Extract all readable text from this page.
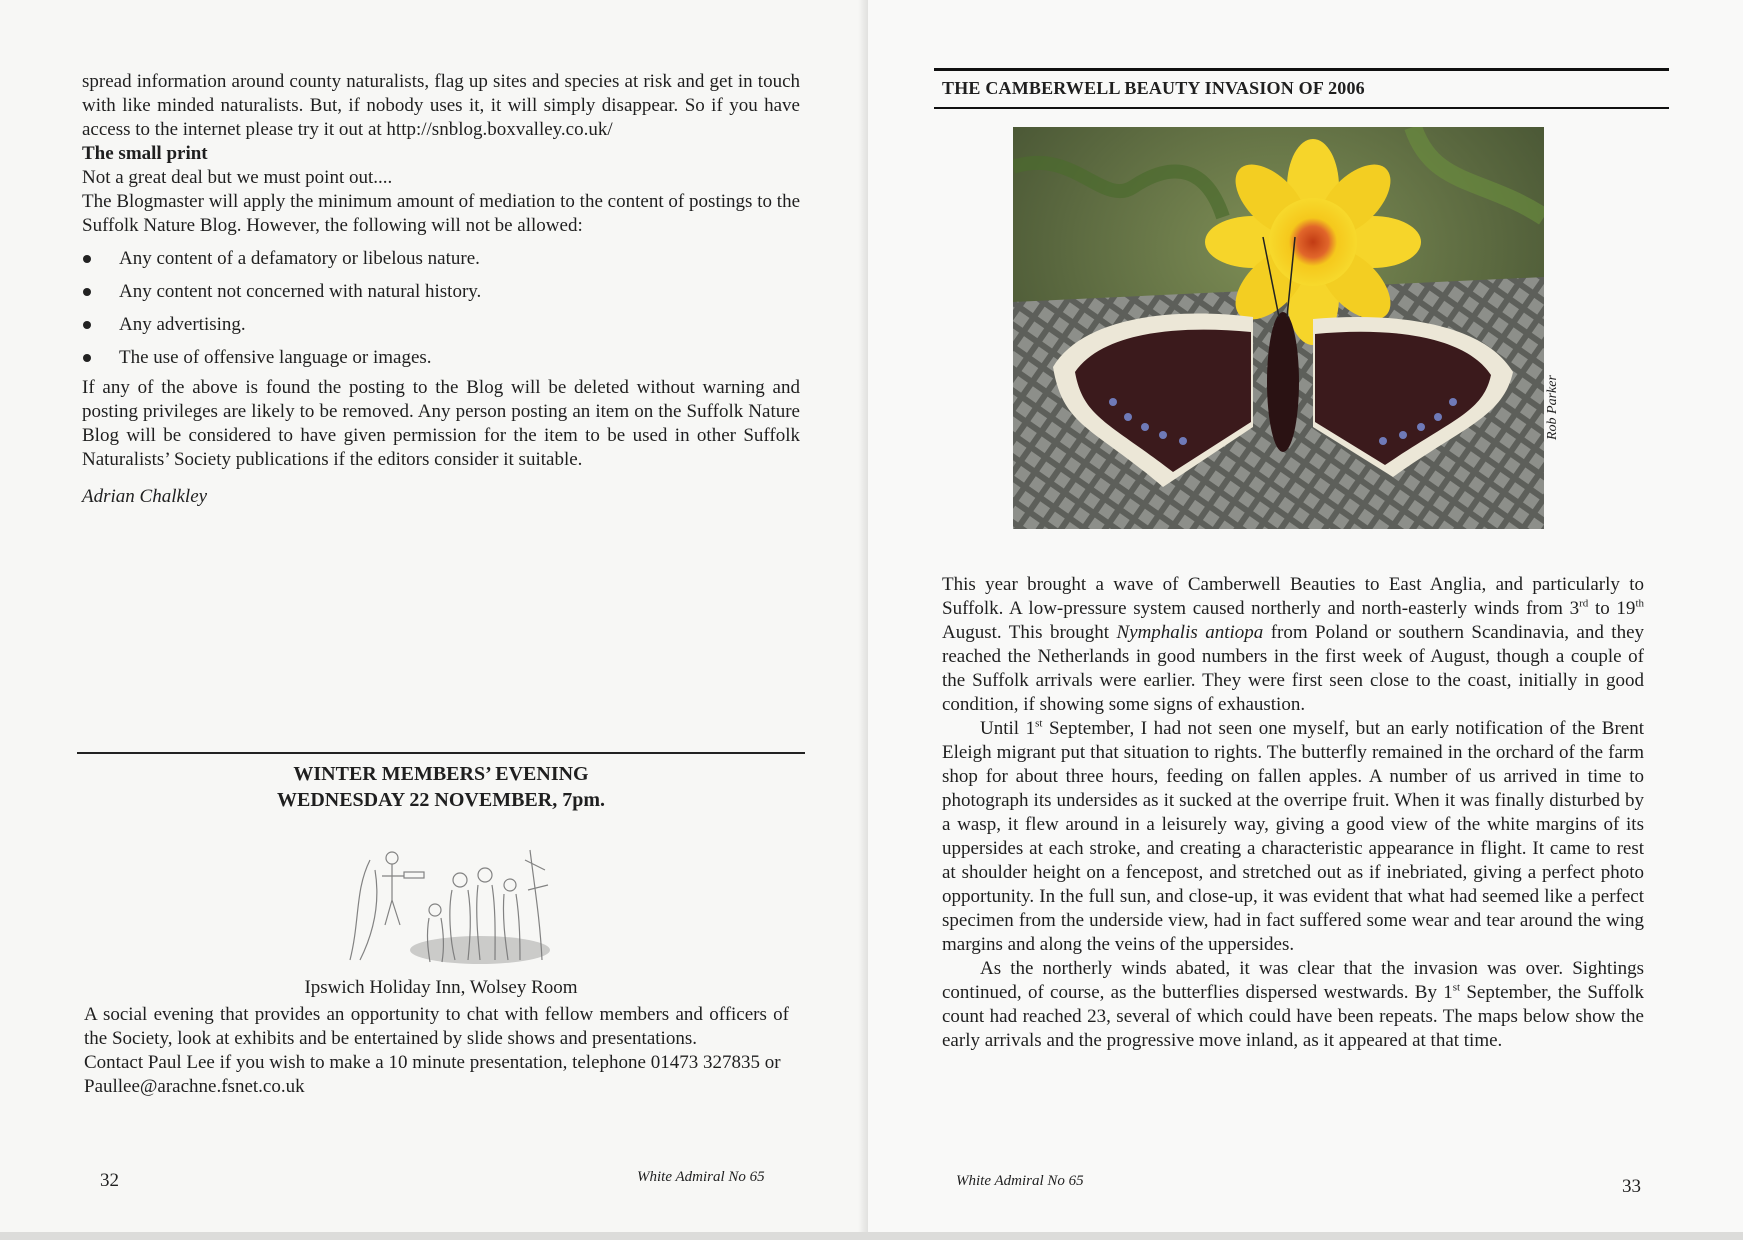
spread information around county naturalists, flag up sites and species at risk and get in touch with like minded naturalists. But, if nobody uses it, it will simply disappear. So if you have access to the internet please try it out at http://snblog.boxvalley.co.uk/

The small print

Not a great deal but we must point out....

The Blogmaster will apply the minimum amount of mediation to the content of postings to the Suffolk Nature Blog. However, the following will not be allowed:

Any content of a defamatory or libelous nature.
Any content not concerned with natural history.
Any advertising.
The use of offensive language or images.

If any of the above is found the posting to the Blog will be deleted without warning and posting privileges are likely to be removed. Any person posting an item on the Suffolk Nature Blog will be considered to have given permission for the item to be used in other Suffolk Naturalists’ Society publications if the editors consider it suitable.

Adrian Chalkley

WINTER MEMBERS’ EVENING
WEDNESDAY 22 NOVEMBER, 7pm.
Ipswich Holiday Inn, Wolsey Room

A social evening that provides an opportunity to chat with fellow members and officers of the Society, look at exhibits and be entertained by slide shows and presentations.

Contact Paul Lee if you wish to make a 10 minute presentation, telephone 01473 327835 or Paullee@arachne.fsnet.co.uk

32	White Admiral No 65
THE CAMBERWELL BEAUTY INVASION OF 2006
Rob Parker

This year brought a wave of Camberwell Beauties to East Anglia, and particularly to Suffolk. A low-pressure system caused northerly and north-easterly winds from 3rd to 19th August. This brought Nymphalis antiopa from Poland or southern Scandinavia, and they reached the Netherlands in good numbers in the first week of August, though a couple of the Suffolk arrivals were earlier. They were first seen close to the coast, initially in good condition, if showing some signs of exhaustion.

Until 1st September, I had not seen one myself, but an early notification of the Brent Eleigh migrant put that situation to rights. The butterfly remained in the orchard of the farm shop for about three hours, feeding on fallen apples. A number of us arrived in time to photograph its undersides as it sucked at the overripe fruit. When it was finally disturbed by a wasp, it flew around in a leisurely way, giving a good view of the white margins of its uppersides at each stroke, and creating a characteristic appearance in flight. It came to rest at shoulder height on a fencepost, and stretched out as if inebriated, giving a perfect photo opportunity. In the full sun, and close-up, it was evident that what had seemed like a perfect specimen from the underside view, had in fact suffered some wear and tear around the wing margins and along the veins of the uppersides.

As the northerly winds abated, it was clear that the invasion was over. Sightings continued, of course, as the butterflies dispersed westwards. By 1st September, the Suffolk count had reached 23, several of which could have been repeats. The maps below show the early arrivals and the progressive move inland, as it appeared at that time.

White Admiral No 65	33
